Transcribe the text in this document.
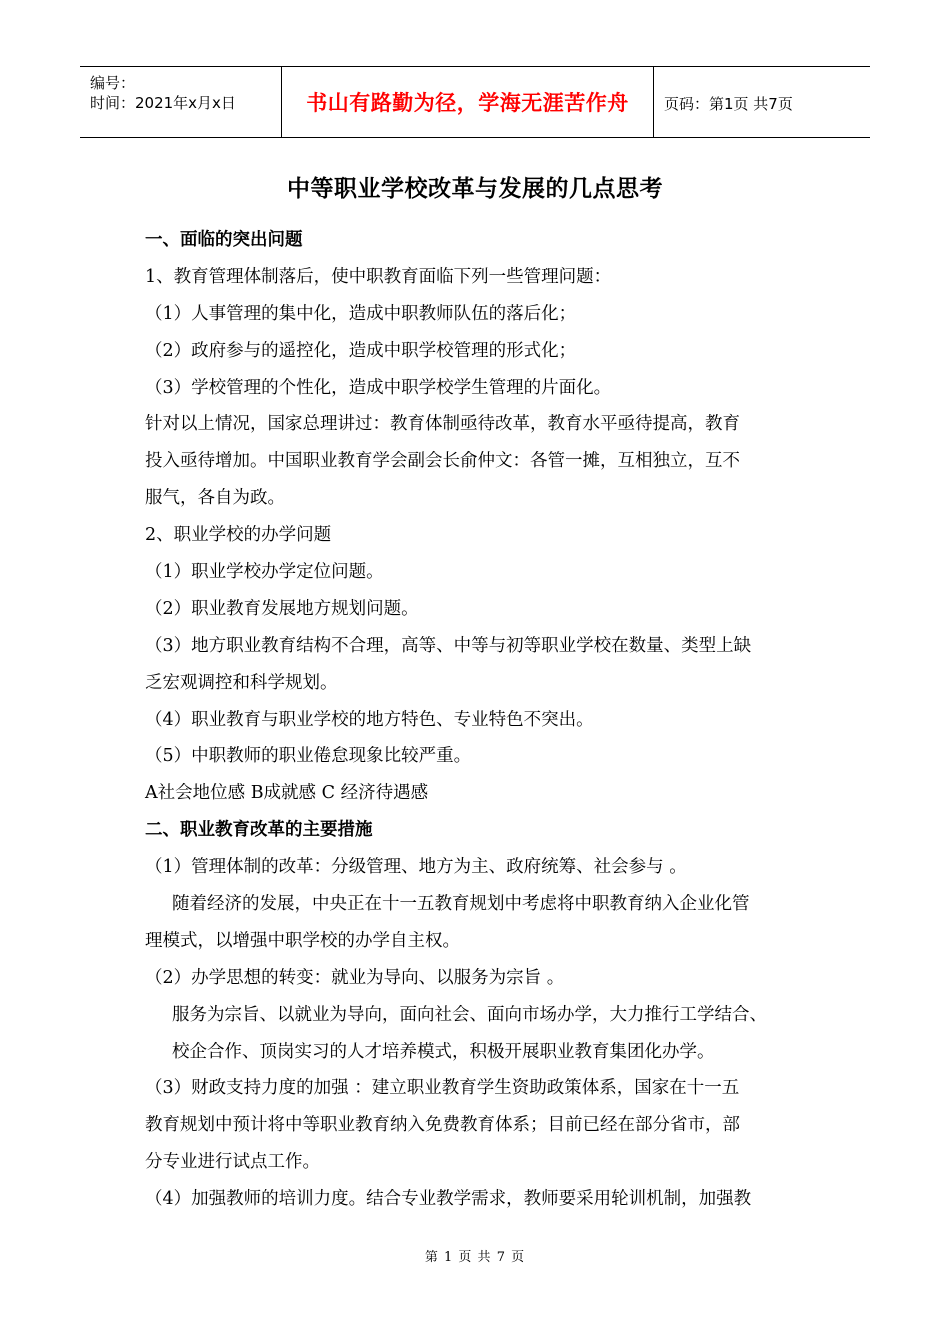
编号：
时间：2021年x月x日	书山有路勤为径，学海无涯苦作舟	页码：第1页 共7页
中等职业学校改革与发展的几点思考
一、面临的突出问题
1、教育管理体制落后，使中职教育面临下列一些管理问题：
（1）人事管理的集中化，造成中职教师队伍的落后化；
（2）政府参与的遥控化，造成中职学校管理的形式化；
（3）学校管理的个性化，造成中职学校学生管理的片面化。
针对以上情况，国家总理讲过：教育体制亟待改革，教育水平亟待提高，教育
投入亟待增加。中国职业教育学会副会长俞仲文：各管一摊，互相独立，互不
服气，各自为政。
2、职业学校的办学问题
（1）职业学校办学定位问题。
（2）职业教育发展地方规划问题。
（3）地方职业教育结构不合理，高等、中等与初等职业学校在数量、类型上缺
乏宏观调控和科学规划。
（4）职业教育与职业学校的地方特色、专业特色不突出。
（5）中职教师的职业倦怠现象比较严重。
A社会地位感 B成就感 C 经济待遇感
二、职业教育改革的主要措施
（1）管理体制的改革：分级管理、地方为主、政府统筹、社会参与 。
随着经济的发展，中央正在十一五教育规划中考虑将中职教育纳入企业化管
理模式，以增强中职学校的办学自主权。
（2）办学思想的转变：就业为导向、以服务为宗旨 。
服务为宗旨、以就业为导向，面向社会、面向市场办学，大力推行工学结合、
校企合作、顶岗实习的人才培养模式，积极开展职业教育集团化办学。
（3）财政支持力度的加强 ：建立职业教育学生资助政策体系，国家在十一五
教育规划中预计将中等职业教育纳入免费教育体系；目前已经在部分省市，部
分专业进行试点工作。
（4）加强教师的培训力度。结合专业教学需求，教师要采用轮训机制，加强教
第 1 页 共 7 页
